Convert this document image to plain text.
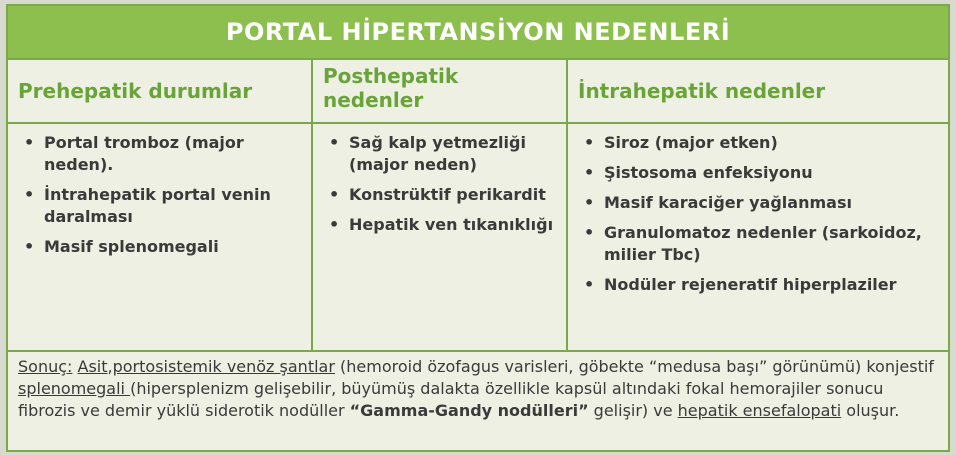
PORTAL HİPERTANSİYON NEDENLERİ
Prehepatik durumlar
Posthepatik nedenler	İntrahepatik nedenler
• Portal tromboz (major neden).
• İntrahepatik portal venin daralması
• Masif splenomegali
• Sağ kalp yetmezliği (major neden)
• Konstrüktif perikardit
• Hepatik ven tıkanıklığı
• Siroz (major etken)
• Şistosoma enfeksiyonu
• Masif karaciğer yağlanması
• Granulomatoz nedenler (sarkoidoz, milier Tbc)
• Nodüler rejeneratif hiperplaziler
Sonuç: Asit,portosistemik venöz şantlar (hemoroid özofagus varisleri, göbekte “medusa başı” görünümü) konjestif splenomegali (hipersplenizm gelişebilir, büyümüş dalakta özellikle kapsül altındaki fokal hemorajiler sonucu fibrozis ve demir yüklü siderotik nodüller “Gamma-Gandy nodülleri” gelişir) ve hepatik ensefalopati oluşur.
